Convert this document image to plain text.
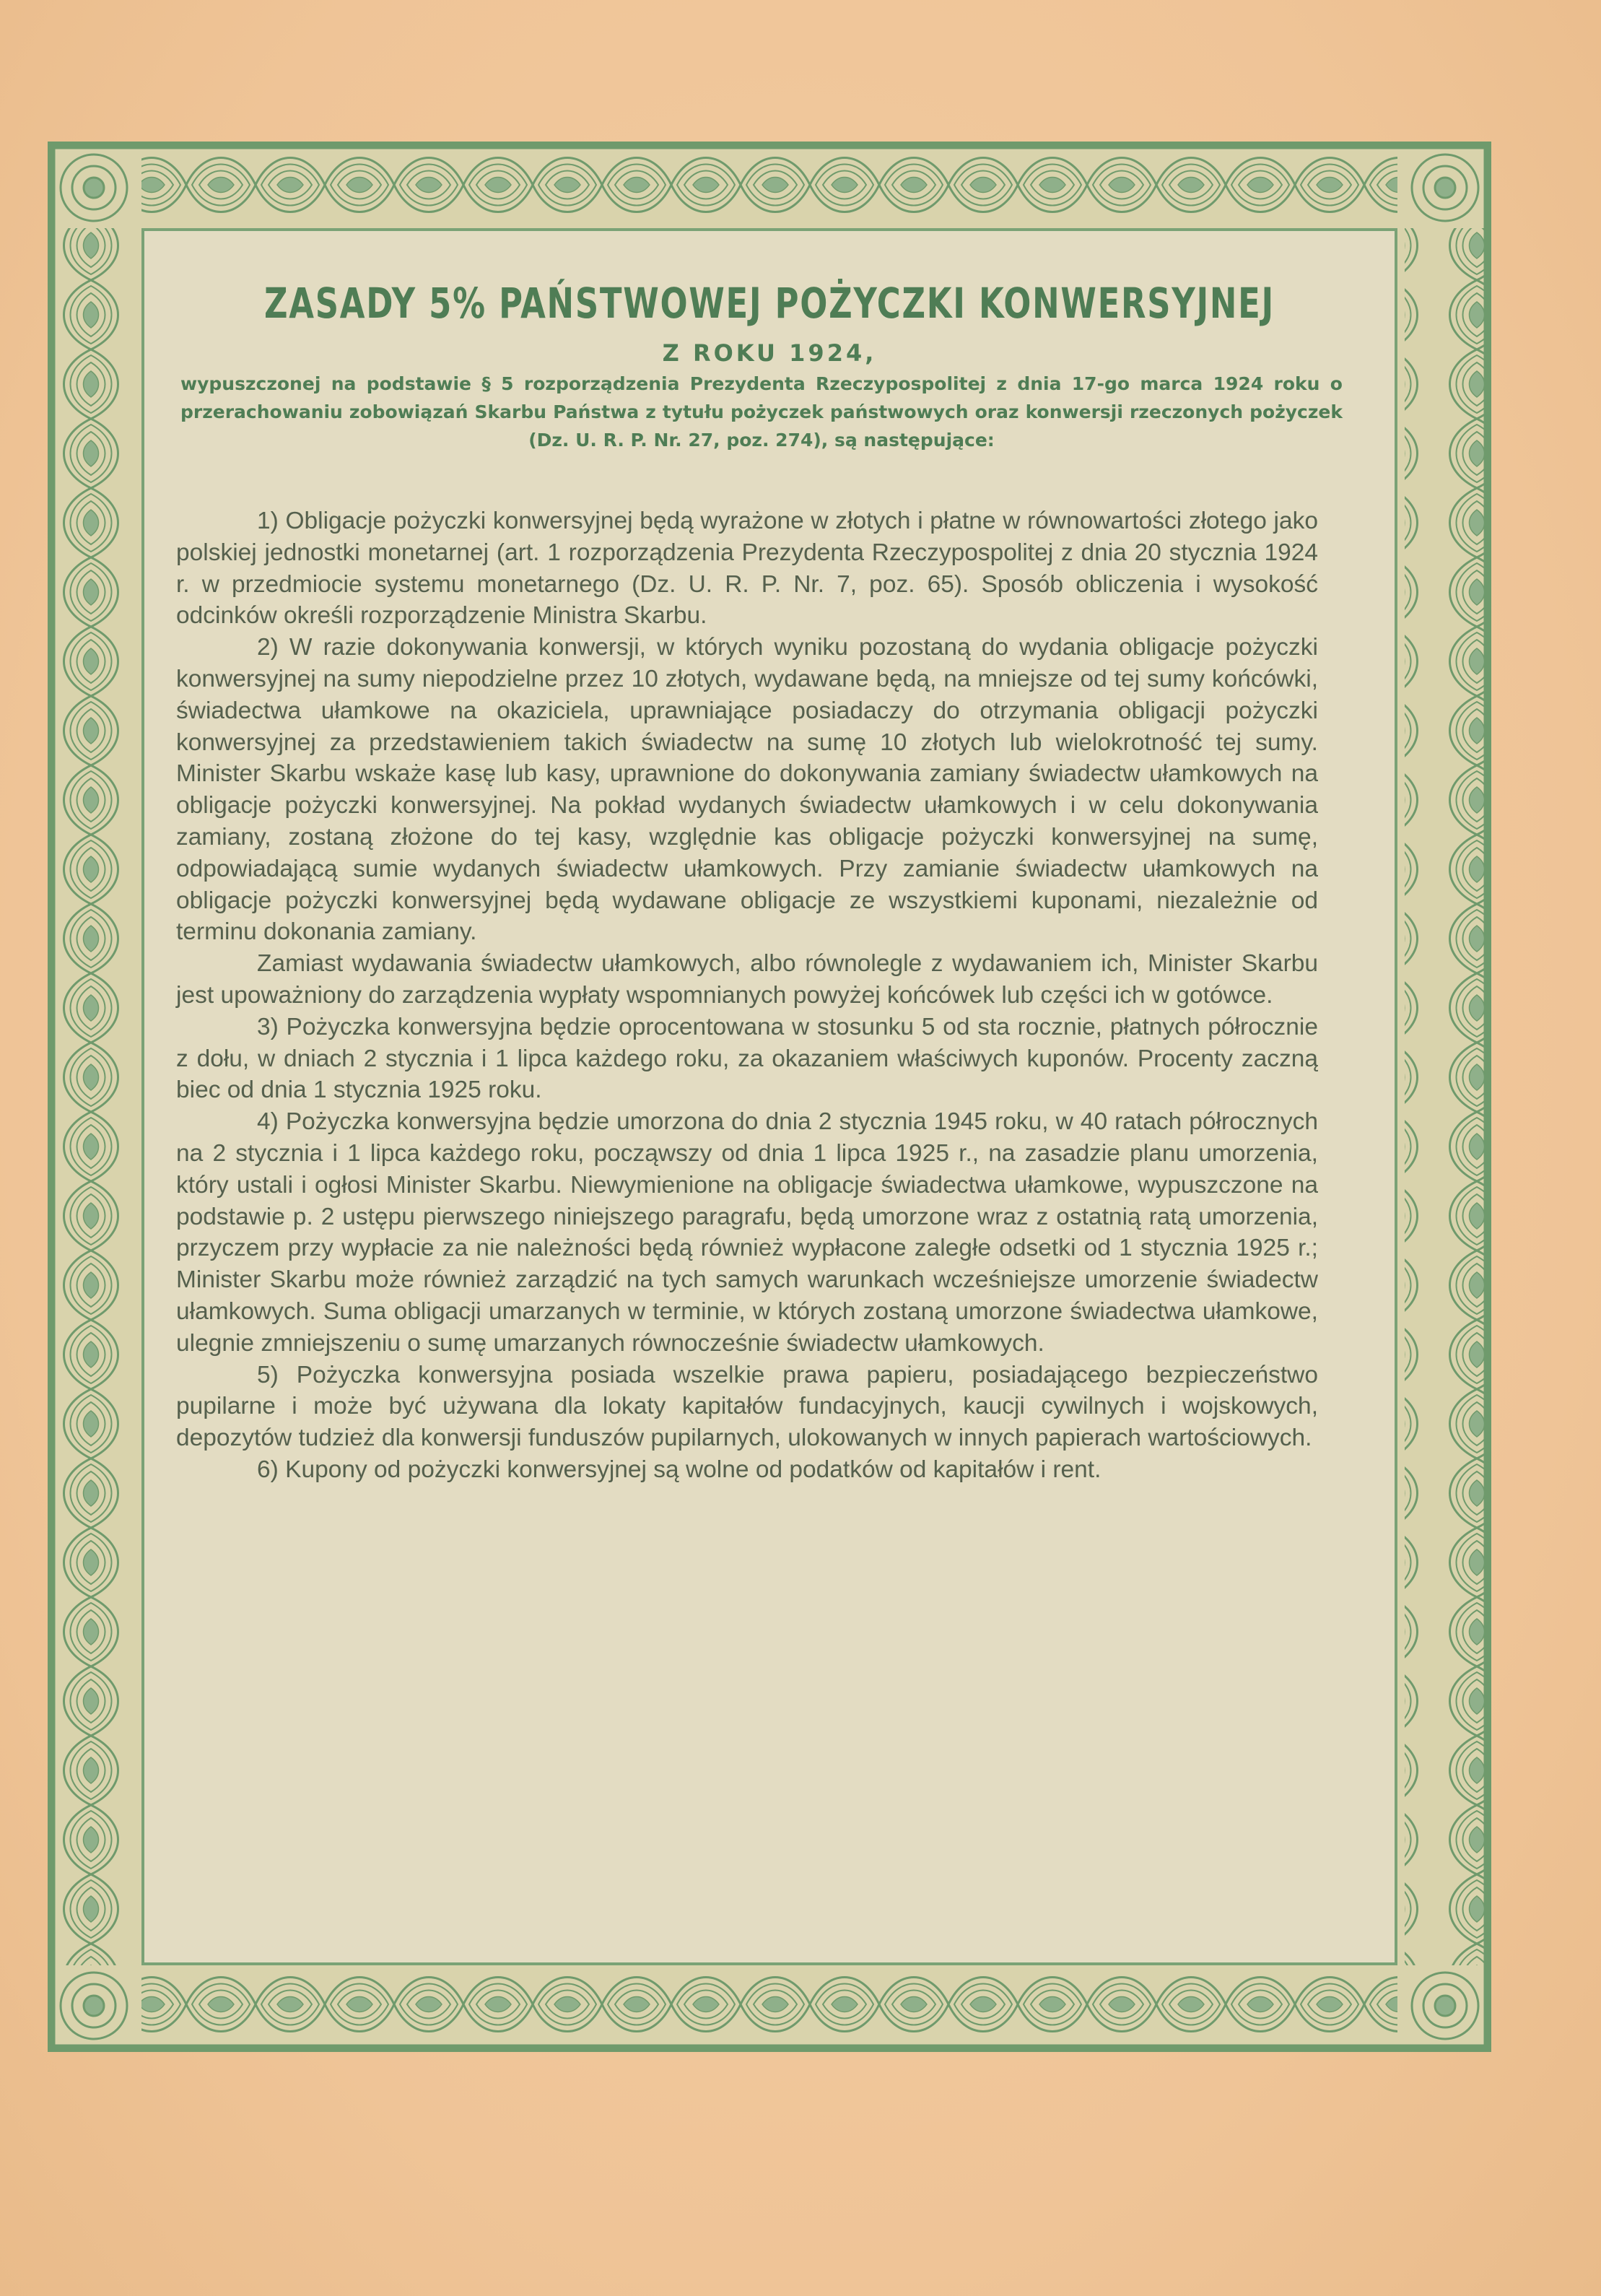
ZASADY 5% PAŃSTWOWEJ POŻYCZKI KONWERSYJNEJ
Z ROKU 1924,

wypuszczonej na podstawie § 5 rozporządzenia Prezydenta Rzeczypospolitej z dnia 17-go marca 1924 roku o przerachowaniu zobowiązań Skarbu Państwa z tytułu pożyczek państwowych oraz konwersji rzeczonych pożyczek (Dz. U. R. P. Nr. 27, poz. 274), są następujące:

1) Obligacje pożyczki konwersyjnej będą wyrażone w złotych i płatne w równowartości złotego jako polskiej jednostki monetarnej (art. 1 rozporządzenia Prezydenta Rzeczypospolitej z dnia 20 stycznia 1924 r. w przedmiocie systemu monetarnego (Dz. U. R. P. Nr. 7, poz. 65). Sposób obliczenia i wysokość odcinków określi rozporządzenie Ministra Skarbu.

2) W razie dokonywania konwersji, w których wyniku pozostaną do wydania obligacje pożyczki konwersyjnej na sumy niepodzielne przez 10 złotych, wydawane będą, na mniejsze od tej sumy końcówki, świadectwa ułamkowe na okaziciela, uprawniające posiadaczy do otrzymania obligacji pożyczki konwersyjnej za przedstawieniem takich świadectw na sumę 10 złotych lub wielokrotność tej sumy. Minister Skarbu wskaże kasę lub kasy, uprawnione do dokonywania zamiany świadectw ułamkowych na obligacje pożyczki konwersyjnej. Na pokład wydanych świadectw ułamkowych i w celu dokonywania zamiany, zostaną złożone do tej kasy, względnie kas obligacje pożyczki konwersyjnej na sumę, odpowiadającą sumie wydanych świadectw ułamkowych. Przy zamianie świadectw ułamkowych na obligacje pożyczki konwersyjnej będą wydawane obligacje ze wszystkiemi kuponami, niezależnie od terminu dokonania zamiany.

Zamiast wydawania świadectw ułamkowych, albo równolegle z wydawaniem ich, Minister Skarbu jest upoważniony do zarządzenia wypłaty wspomnianych powyżej końcówek lub części ich w gotówce.

3) Pożyczka konwersyjna będzie oprocentowana w stosunku 5 od sta rocznie, płatnych półrocznie z dołu, w dniach 2 stycznia i 1 lipca każdego roku, za okazaniem właściwych kuponów. Procenty zaczną biec od dnia 1 stycznia 1925 roku.

4) Pożyczka konwersyjna będzie umorzona do dnia 2 stycznia 1945 roku, w 40 ratach półrocznych na 2 stycznia i 1 lipca każdego roku, począwszy od dnia 1 lipca 1925 r., na zasadzie planu umorzenia, który ustali i ogłosi Minister Skarbu. Niewymienione na obligacje świadectwa ułamkowe, wypuszczone na podstawie p. 2 ustępu pierwszego niniejszego paragrafu, będą umorzone wraz z ostatnią ratą umorzenia, przyczem przy wypłacie za nie należności będą również wypłacone zaległe odsetki od 1 stycznia 1925 r.; Minister Skarbu może również zarządzić na tych samych warunkach wcześniejsze umorzenie świadectw ułamkowych. Suma obligacji umarzanych w terminie, w których zostaną umorzone świadectwa ułamkowe, ulegnie zmniejszeniu o sumę umarzanych równocześnie świadectw ułamkowych.

5) Pożyczka konwersyjna posiada wszelkie prawa papieru, posiadającego bezpieczeństwo pupilarne i może być używana dla lokaty kapitałów fundacyjnych, kaucji cywilnych i wojskowych, depozytów tudzież dla konwersji funduszów pupilarnych, ulokowanych w innych papierach wartościowych.

6) Kupony od pożyczki konwersyjnej są wolne od podatków od kapitałów i rent.
